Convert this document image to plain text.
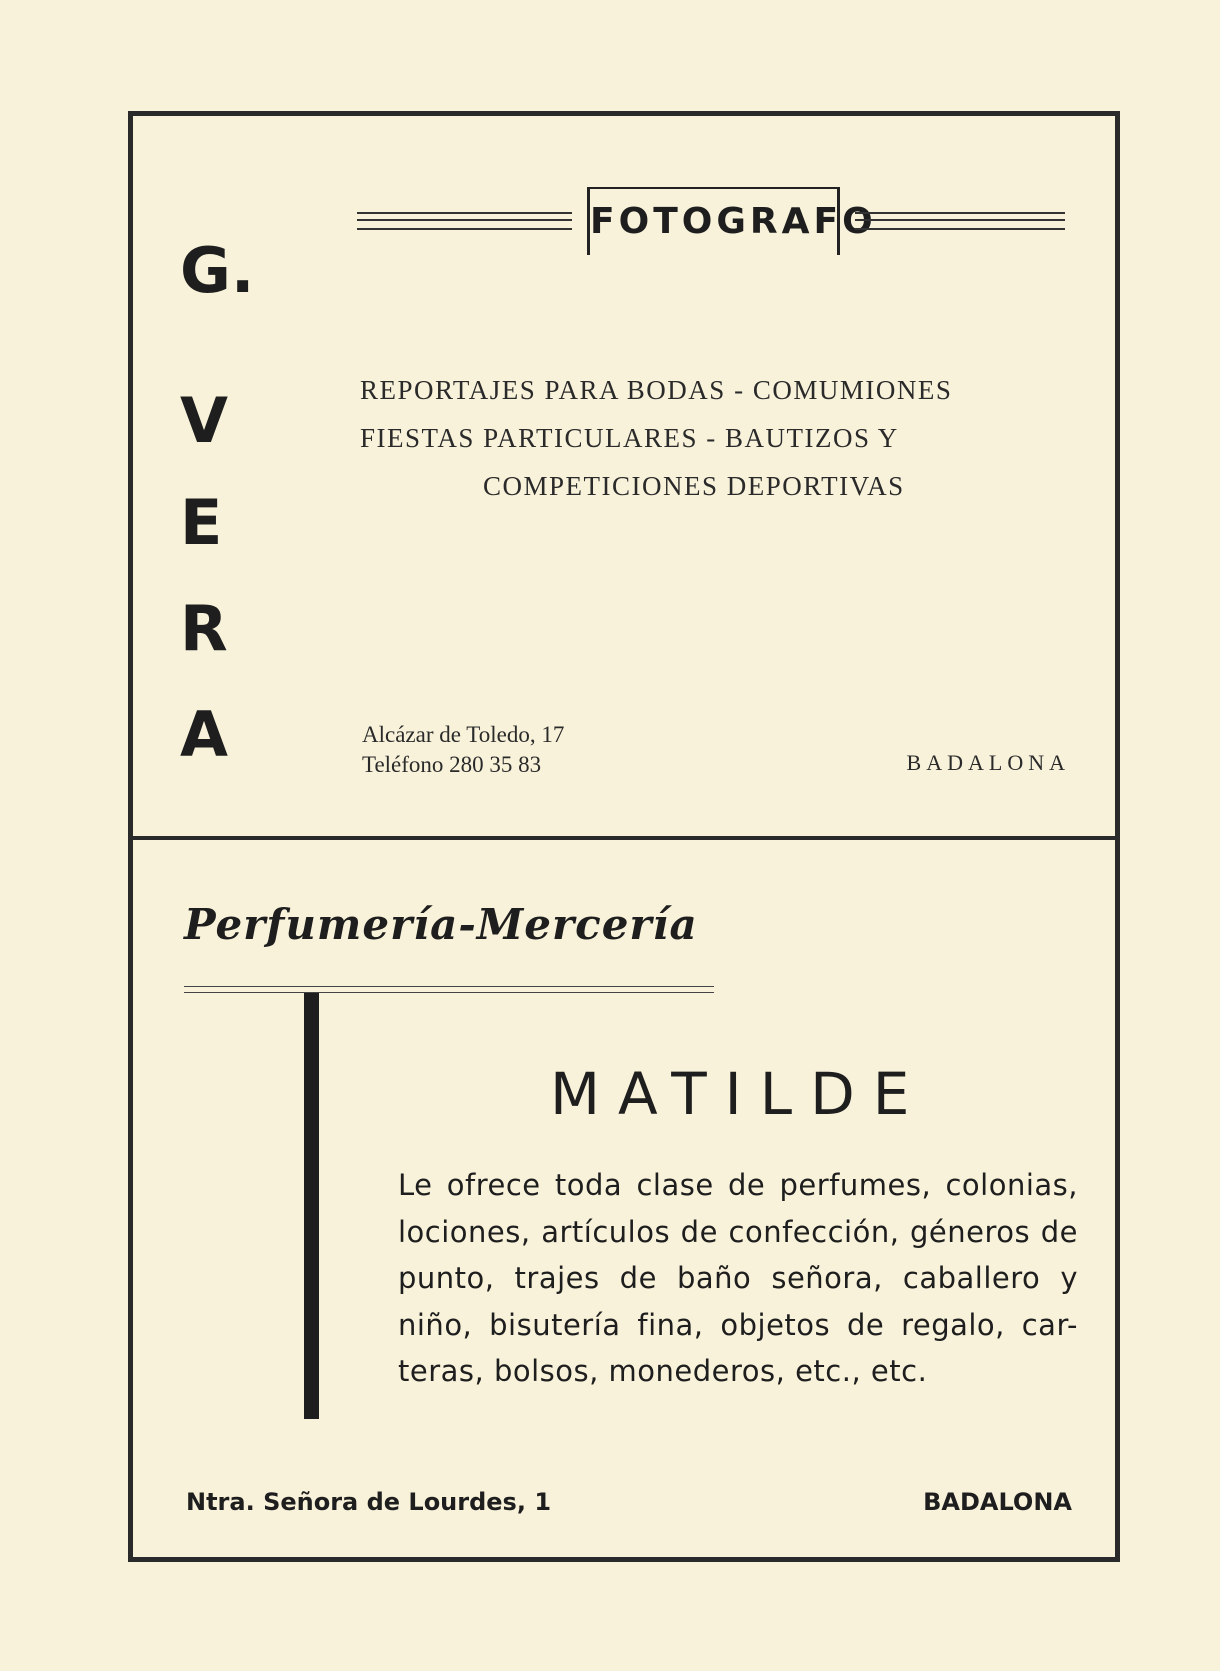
G.
V
E
R
A
FOTOGRAFO
REPORTAJES PARA BODAS - COMUMIONES
FIESTAS PARTICULARES - BAUTIZOS Y
COMPETICIONES DEPORTIVAS
Alcázar de Toledo, 17
Teléfono 280 35 83	BADALONA
Perfumería-Mercería
MATILDE
Le ofrece toda clase de perfumes, colonias,
lociones, artículos de confección, géneros de
punto, trajes de baño señora, caballero y
niño, bisutería fina, objetos de regalo, car-
teras, bolsos, monederos, etc., etc.
Ntra. Señora de Lourdes, 1	BADALONA
